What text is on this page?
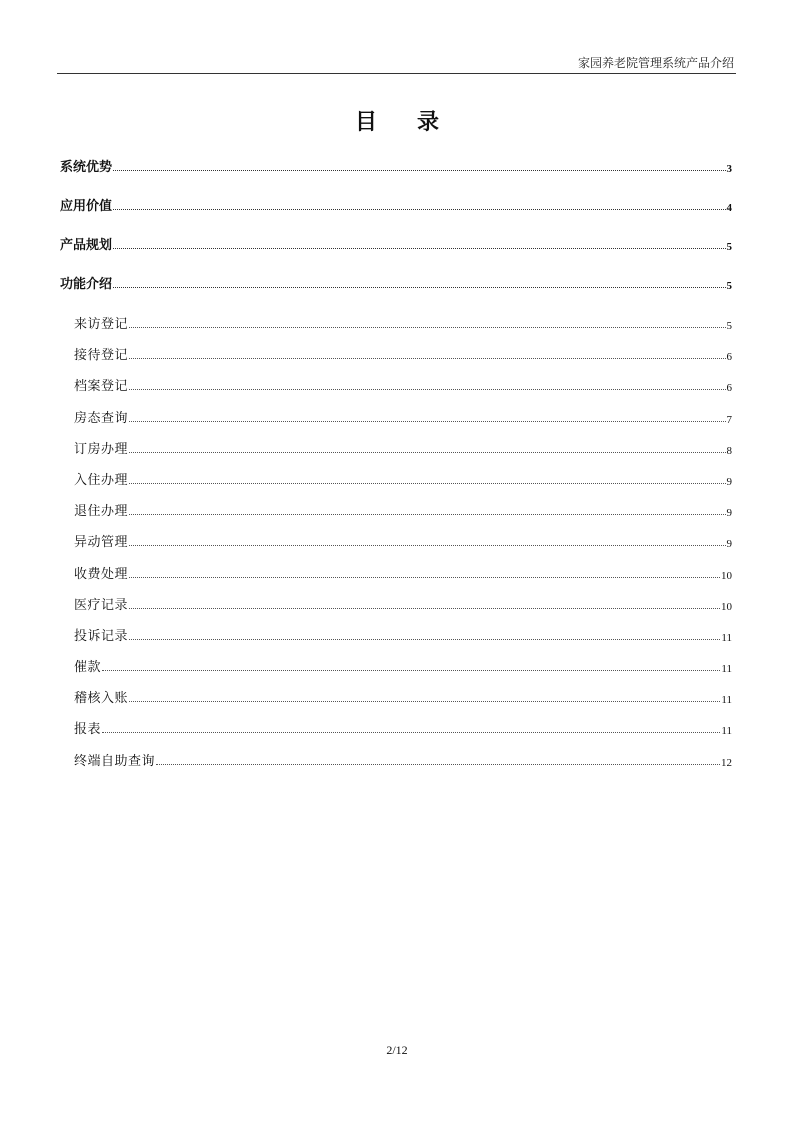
家园养老院管理系统产品介绍
目录
系统优势	3
应用价值	4
产品规划	5
功能介绍	5
来访登记	5
接待登记	6
档案登记	6
房态查询	7
订房办理	8
入住办理	9
退住办理	9
异动管理	9
收费处理	10
医疗记录	10
投诉记录	11
催款	11
稽核入账	11
报表	11
终端自助查询	12
2/12
